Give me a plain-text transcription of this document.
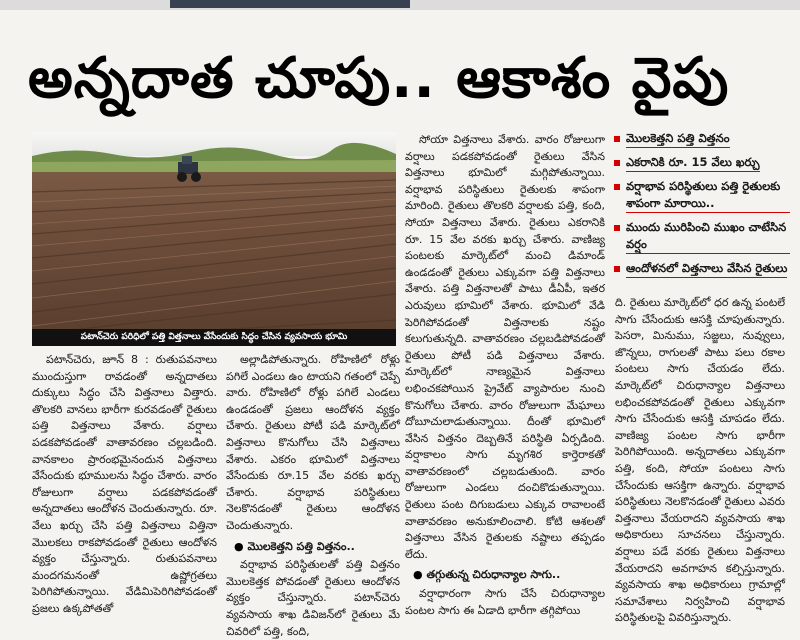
అన్నదాత చూపు.. ఆకాశం వైపు
పటాన్‌చెరు పరిధిలో పత్తి విత్తనాలు వేసేందుకు సిద్ధం చేసిన వ్యవసాయ భూమి

పటాన్‌చెరు, జూన్ 8 : రుతుపవనాలు ముందుస్తుగా రావడంతో అన్నదాతలు దుక్కులు సిద్ధం చేసి విత్తనాలు విత్తారు. తొలకరి వానలు భారీగా కురవడంతో రైతులు పత్తి విత్తనాలు వేశారు. వర్షాలు పడకపోవడంతో వాతావరణం చల్లబడింది. వానకాలం ప్రారంభమైనందున విత్తనాలు వేసేందుకు భూములను సిద్ధం చేశారు. వారం రోజులుగా వర్షాలు పడకపోవడంతో అన్నదాతలు ఆందోళన చెందుతున్నారు. రూ. వేలు ఖర్చు చేసి పత్తి విత్తనాలు విత్తినా మొలకలు రాకపోవడంతో రైతులు ఆందోళన వ్యక్తం చేస్తున్నారు. రుతుపవనాలు మందగమనంతో ఉష్ణోగ్రతలు పెరిగిపోతున్నాయి. వేడిమిపెరిగిపోవడంతో ప్రజలు ఉక్కపోతతో

అల్లాడిపోతున్నారు. రోహిణిలో రోళ్లు పగిలే ఎండలు ఉం టాయని గతంలో చెప్పే వారు. రోహిణిలో రోళ్లు పగిలే ఎండలు ఉండడంతో ప్రజలు ఆందోళన వ్యక్తం చేశారు. రైతులు పోటీ పడి మార్కెట్‌లో విత్తనాలు కొనుగోలు చేసి విత్తనాలు వేశారు. ఎకరం భూమిలో విత్తనాలు వేసేందుకు రూ.15 వేల వరకు ఖర్చు చేశారు. వర్షాభావ పరిస్థితులు నెలకొనడంతో రైతులు ఆందోళన చెందుతున్నారు.

● మొలకెత్తని పత్తి విత్తనం..

వర్షాభావ పరిస్థితులతో పత్తి విత్తనం మొలకెత్తక పోవడంతో రైతులు ఆందోళన వ్యక్తం చేస్తున్నారు. పటాన్‌చెరు వ్యవసాయ శాఖ డివిజన్‌లో రైతులు మే చివరిలో పత్తి, కంది,

సోయా విత్తనాలు వేశారు. వారం రోజులుగా వర్షాలు పడకపోవడంతో రైతులు వేసిన విత్తనాలు భూమిలో మగ్గిపోతున్నాయి. వర్షాభావ పరిస్థితులు రైతులకు శాపంగా మారింది. రైతులు తొలకరి వర్షాలకు పత్తి, కంది, సోయా విత్తనాలు వేశారు. రైతులు ఎకరానికి రూ. 15 వేల వరకు ఖర్చు చేశారు. వాణిజ్య పంటలకు మార్కెట్‌లో మంచి డిమాండ్ ఉండడంతో రైతులు ఎక్కువగా పత్తి విత్తనాలు వేశారు. పత్తి విత్తనాలతో పాటు డీఏపీ, ఇతర ఎరువులు భూమిలో వేశారు. భూమిలో వేడి పెరిగిపోవడంతో విత్తనాలకు నష్టం కలుగుతున్నది. వాతావరణం చల్లబడిపోవడంతో రైతులు పోటీ పడి విత్తనాలు వేశారు. మార్కెట్‌లో నాణ్యమైన విత్తనాలు లభించకపోయిన ప్రైవేట్ వ్యాపారుల నుంచి కొనుగోలు చేశారు. వారం రోజులుగా మేఘాలు దోబూచులాడుతున్నాయి. దీంతో భూమిలో వేసిన విత్తనం దెబ్బతినే పరిస్థితి ఏర్పడింది. వర్షాకాలం సాగు మృగశిర కార్తెరాకతో వాతావరణంలో చల్లబడుతుంది. వారం రోజులుగా ఎండలు దంచికొడుతున్నాయి. రైతులు పంట దిగుబడులు ఎక్కువ రావాలంటే వాతావరణం అనుకూలించాలి. కోటి ఆశలతో విత్తనాలు వేసిన రైతులకు నష్టాలు తప్పడం లేదు.

● తగ్గుతున్న చిరుధాన్యాల సాగు..

వర్షాధారంగా సాగు చేసే చిరుధాన్యాల పంటల సాగు ఈ ఏడాది భారీగా తగ్గిపోయి

మొలకెత్తని పత్తి విత్తనం
ఎకరానికి రూ. 15 వేలు ఖర్చు
వర్షాభావ పరిస్థితులు పత్తి రైతులకు శాపంగా మారాయి..
ముందు మురిపించి ముఖం చాటేసిన వర్షం
ఆందోళనలో విత్తనాలు వేసిన రైతులు

ది. రైతులు మార్కెట్‌లో ధర ఉన్న పంటలే సాగు చేసేందుకు ఆసక్తి చూపుతున్నారు. పెసరా, మినుము, సజ్జలు, నువ్వులు, జొన్నలు, రాగులతో పాటు పలు రకాల పంటలు సాగు చేయడం లేదు. మార్కెట్‌లో చిరుధాన్యాల విత్తనాలు లభించకపోవడంతో రైతులు ఎక్కువగా సాగు చేసేందుకు ఆసక్తి చూపడం లేదు. వాణిజ్య పంటల సాగు భారీగా పెరిగిపోయింది. అన్నదాతలు ఎక్కువగా పత్తి, కంది, సోయా పంటలు సాగు చేసేందుకు ఆసక్తిగా ఉన్నారు. వర్షాభావ పరిస్థితులు నెలకొనడంతో రైతులు ఎవరు విత్తనాలు వేయరాదని వ్యవసాయ శాఖ అధికారులు సూచనలు చేస్తున్నారు. వర్షాలు పడే వరకు రైతులు విత్తనాలు వేయరాదని అవగాహన కల్పిస్తున్నారు. వ్యవసాయ శాఖ అధికారులు గ్రామాల్లో సమావేశాలు నిర్వహించి వర్షాభావ పరిస్థితులపై వివరిస్తున్నారు.
